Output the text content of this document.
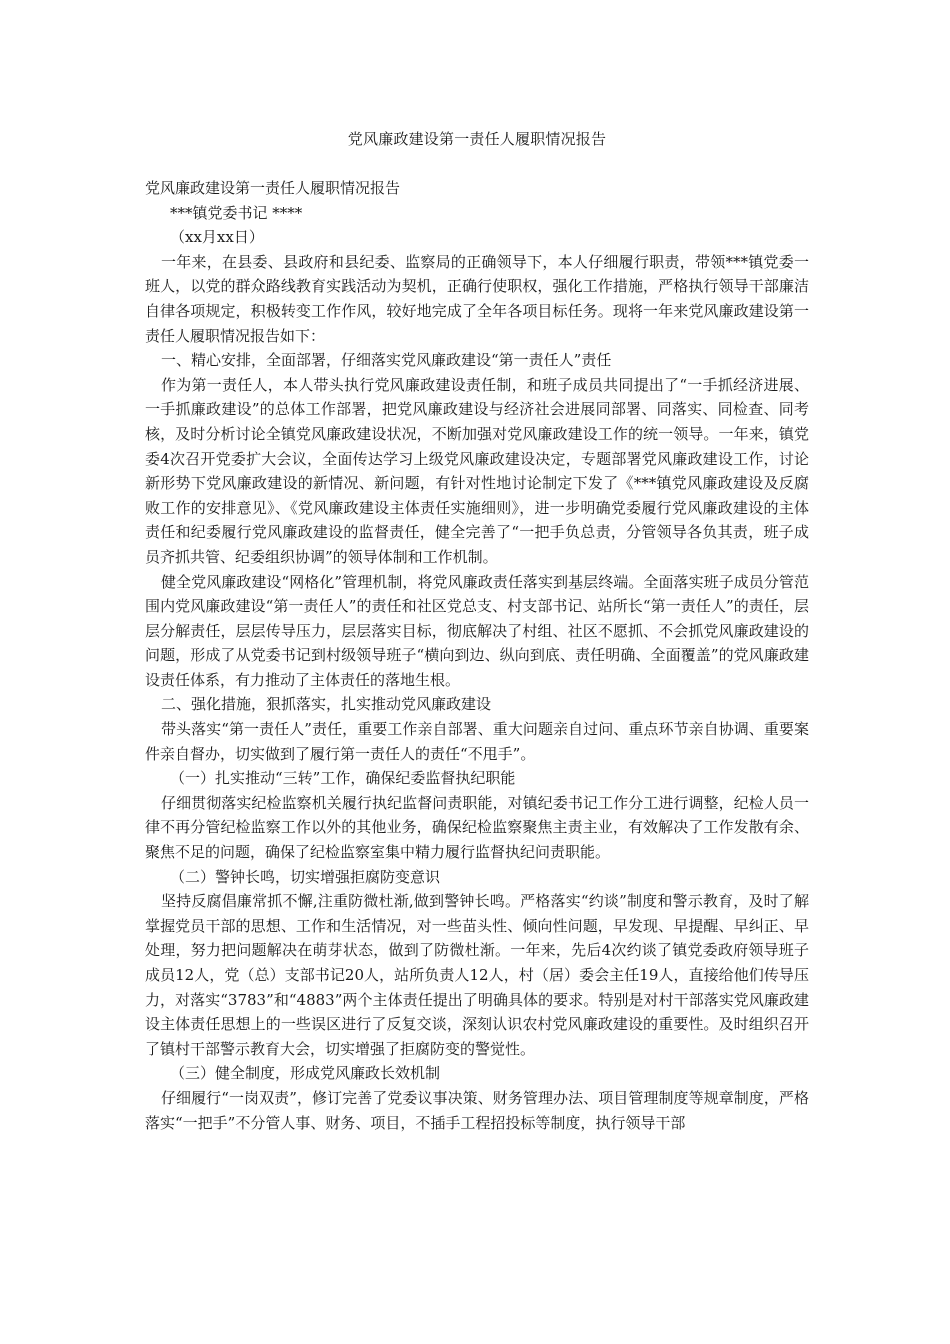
党风廉政建设第一责任人履职情况报告

党风廉政建设第一责任人履职情况报告

***镇党委书记 ****

（xx月xx日）

一年来，在县委、县政府和县纪委、监察局的正确领导下，本人仔细履行职责，带领***镇党委一班人，以党的群众路线教育实践活动为契机，正确行使职权，强化工作措施，严格执行领导干部廉洁自律各项规定，积极转变工作作风，较好地完成了全年各项目标任务。现将一年来党风廉政建设第一责任人履职情况报告如下：

一、精心安排，全面部署，仔细落实党风廉政建设“第一责任人”责任

作为第一责任人，本人带头执行党风廉政建设责任制，和班子成员共同提出了“一手抓经济进展、一手抓廉政建设”的总体工作部署，把党风廉政建设与经济社会进展同部署、同落实、同检查、同考核，及时分析讨论全镇党风廉政建设状况，不断加强对党风廉政建设工作的统一领导。一年来，镇党委4次召开党委扩大会议，全面传达学习上级党风廉政建设决定，专题部署党风廉政建设工作，讨论新形势下党风廉政建设的新情况、新问题，有针对性地讨论制定下发了《***镇党风廉政建设及反腐败工作的安排意见》、《党风廉政建设主体责任实施细则》，进一步明确党委履行党风廉政建设的主体责任和纪委履行党风廉政建设的监督责任，健全完善了“一把手负总责，分管领导各负其责，班子成员齐抓共管、纪委组织协调”的领导体制和工作机制。

健全党风廉政建设“网格化”管理机制，将党风廉政责任落实到基层终端。全面落实班子成员分管范围内党风廉政建设“第一责任人”的责任和社区党总支、村支部书记、站所长“第一责任人”的责任，层层分解责任，层层传导压力，层层落实目标，彻底解决了村组、社区不愿抓、不会抓党风廉政建设的问题，形成了从党委书记到村级领导班子“横向到边、纵向到底、责任明确、全面覆盖”的党风廉政建设责任体系，有力推动了主体责任的落地生根。

二、强化措施，狠抓落实，扎实推动党风廉政建设

带头落实“第一责任人”责任，重要工作亲自部署、重大问题亲自过问、重点环节亲自协调、重要案件亲自督办，切实做到了履行第一责任人的责任“不甩手”。

（一）扎实推动“三转”工作，确保纪委监督执纪职能

仔细贯彻落实纪检监察机关履行执纪监督问责职能，对镇纪委书记工作分工进行调整，纪检人员一律不再分管纪检监察工作以外的其他业务，确保纪检监察聚焦主责主业，有效解决了工作发散有余、聚焦不足的问题，确保了纪检监察室集中精力履行监督执纪问责职能。

（二）警钟长鸣，切实增强拒腐防变意识

坚持反腐倡廉常抓不懈,注重防微杜渐,做到警钟长鸣。严格落实“约谈”制度和警示教育，及时了解掌握党员干部的思想、工作和生活情况，对一些苗头性、倾向性问题，早发现、早提醒、早纠正、早处理，努力把问题解决在萌芽状态，做到了防微杜渐。一年来，先后4次约谈了镇党委政府领导班子成员12人，党（总）支部书记20人，站所负责人12人，村（居）委会主任19人，直接给他们传导压力，对落实“3783”和“4883”两个主体责任提出了明确具体的要求。特别是对村干部落实党风廉政建设主体责任思想上的一些误区进行了反复交谈，深刻认识农村党风廉政建设的重要性。及时组织召开了镇村干部警示教育大会，切实增强了拒腐防变的警觉性。

（三）健全制度，形成党风廉政长效机制

仔细履行“一岗双责”，修订完善了党委议事决策、财务管理办法、项目管理制度等规章制度，严格落实“一把手”不分管人事、财务、项目，不插手工程招投标等制度，执行领导干部
